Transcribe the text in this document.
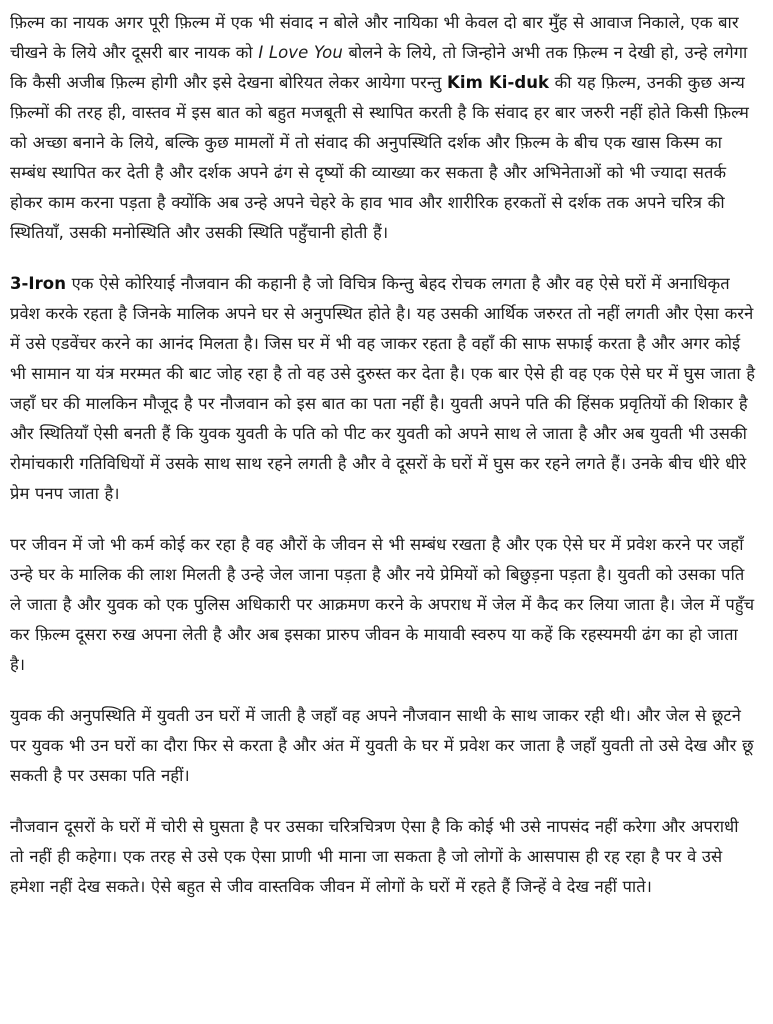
फ़िल्म का नायक अगर पूरी फ़िल्म में एक भी संवाद न बोले और नायिका भी केवल दो बार मुँह से आवाज निकाले, एक बार चीखने के लिये और दूसरी बार नायक को I Love You बोलने के लिये, तो जिन्होने अभी तक फ़िल्म न देखी हो, उन्हे लगेगा कि कैसी अजीब फ़िल्म होगी और इसे देखना बोरियत लेकर आयेगा परन्तु Kim Ki-duk की यह फ़िल्म, उनकी कुछ अन्य फ़िल्मों की तरह ही, वास्तव में इस बात को बहुत मजबूती से स्थापित करती है कि संवाद हर बार जरुरी नहीं होते किसी फ़िल्म को अच्छा बनाने के लिये, बल्कि कुछ मामलों में तो संवाद की अनुपस्थिति दर्शक और फ़िल्म के बीच एक खास किस्म का सम्बंध स्थापित कर देती है और दर्शक अपने ढंग से दृष्यों की व्याख्या कर सकता है और अभिनेताओं को भी ज्यादा सतर्क होकर काम करना पड़ता है क्योंकि अब उन्हे अपने चेहरे के हाव भाव और शारीरिक हरकतों से दर्शक तक अपने चरित्र की स्थितियाँ, उसकी मनोस्थिति और उसकी स्थिति पहुँचानी होती हैं।

3-Iron एक ऐसे कोरियाई नौजवान की कहानी है जो विचित्र किन्तु बेहद रोचक लगता है और वह ऐसे घरों में अनाधिकृत प्रवेश करके रहता है जिनके मालिक अपने घर से अनुपस्थित होते है। यह उसकी आर्थिक जरुरत तो नहीं लगती और ऐसा करने में उसे एडवेंचर करने का आनंद मिलता है। जिस घर में भी वह जाकर रहता है वहाँ की साफ सफाई करता है और अगर कोई भी सामान या यंत्र मरम्मत की बाट जोह रहा है तो वह उसे दुरुस्त कर देता है। एक बार ऐसे ही वह एक ऐसे घर में घुस जाता है जहाँ घर की मालकिन मौजूद है पर नौजवान को इस बात का पता नहीं है। युवती अपने पति की हिंसक प्रवृतियों की शिकार है और स्थितियाँ ऐसी बनती हैं कि युवक युवती के पति को पीट कर युवती को अपने साथ ले जाता है और अब युवती भी उसकी रोमांचकारी गतिविधियों में उसके साथ साथ रहने लगती है और वे दूसरों के घरों में घुस कर रहने लगते हैं। उनके बीच धीरे धीरे प्रेम पनप जाता है।

पर जीवन में जो भी कर्म कोई कर रहा है वह औरों के जीवन से भी सम्बंध रखता है और एक ऐसे घर में प्रवेश करने पर जहाँ उन्हे घर के मालिक की लाश मिलती है उन्हे जेल जाना पड़ता है और नये प्रेमियों को बिछुड़ना पड़ता है। युवती को उसका पति ले जाता है और युवक को एक पुलिस अधिकारी पर आक्रमण करने के अपराध में जेल में कैद कर लिया जाता है। जेल में पहुँच कर फ़िल्म दूसरा रुख अपना लेती है और अब इसका प्रारुप जीवन के मायावी स्वरुप या कहें कि रहस्यमयी ढंग का हो जाता है।

युवक की अनुपस्थिति में युवती उन घरों में जाती है जहाँ वह अपने नौजवान साथी के साथ जाकर रही थी। और जेल से छूटने पर युवक भी उन घरों का दौरा फिर से करता है और अंत में युवती के घर में प्रवेश कर जाता है जहाँ युवती तो उसे देख और छू सकती है पर उसका पति नहीं।

नौजवान दूसरों के घरों में चोरी से घुसता है पर उसका चरित्रचित्रण ऐसा है कि कोई भी उसे नापसंद नहीं करेगा और अपराधी तो नहीं ही कहेगा। एक तरह से उसे एक ऐसा प्राणी भी माना जा सकता है जो लोगों के आसपास ही रह रहा है पर वे उसे हमेशा नहीं देख सकते। ऐसे बहुत से जीव वास्तविक जीवन में लोगों के घरों में रहते हैं जिन्हें वे देख नहीं पाते।
